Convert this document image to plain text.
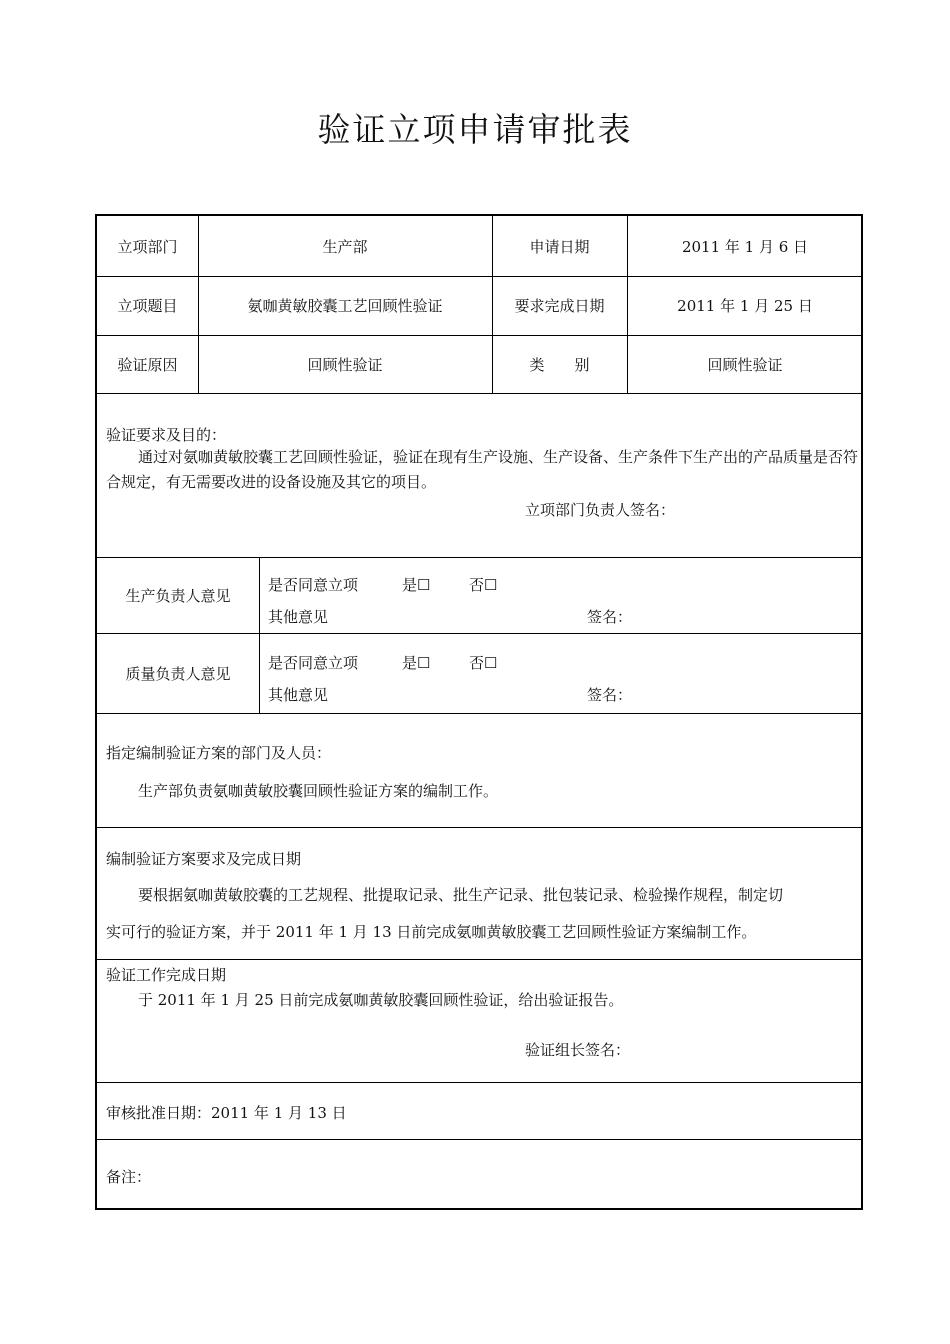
验证立项申请审批表
立项部门	生产部	申请日期	2011 年 1 月 6 日
立项题目	氨咖黄敏胶囊工艺回顾性验证	要求完成日期	2011 年 1 月 25 日
验证原因	回顾性验证	类　　别	回顾性验证
验证要求及目的：
通过对氨咖黄敏胶囊工艺回顾性验证，验证在现有生产设施、生产设备、生产条件下生产出的产品质量是否符合规定，有无需要改进的设备设施及其它的项目。
立项部门负责人签名：
生产负责人意见
是否同意立项	是☐	否☐
其他意见	签名：
质量负责人意见
是否同意立项	是☐	否☐
其他意见	签名：
指定编制验证方案的部门及人员：
生产部负责氨咖黄敏胶囊回顾性验证方案的编制工作。
编制验证方案要求及完成日期
要根据氨咖黄敏胶囊的工艺规程、批提取记录、批生产记录、批包装记录、检验操作规程，制定切
实可行的验证方案，并于 2011 年 1 月 13 日前完成氨咖黄敏胶囊工艺回顾性验证方案编制工作。
验证工作完成日期
于 2011 年 1 月 25 日前完成氨咖黄敏胶囊回顾性验证，给出验证报告。
验证组长签名：
审核批准日期：2011 年 1 月 13 日
备注：
